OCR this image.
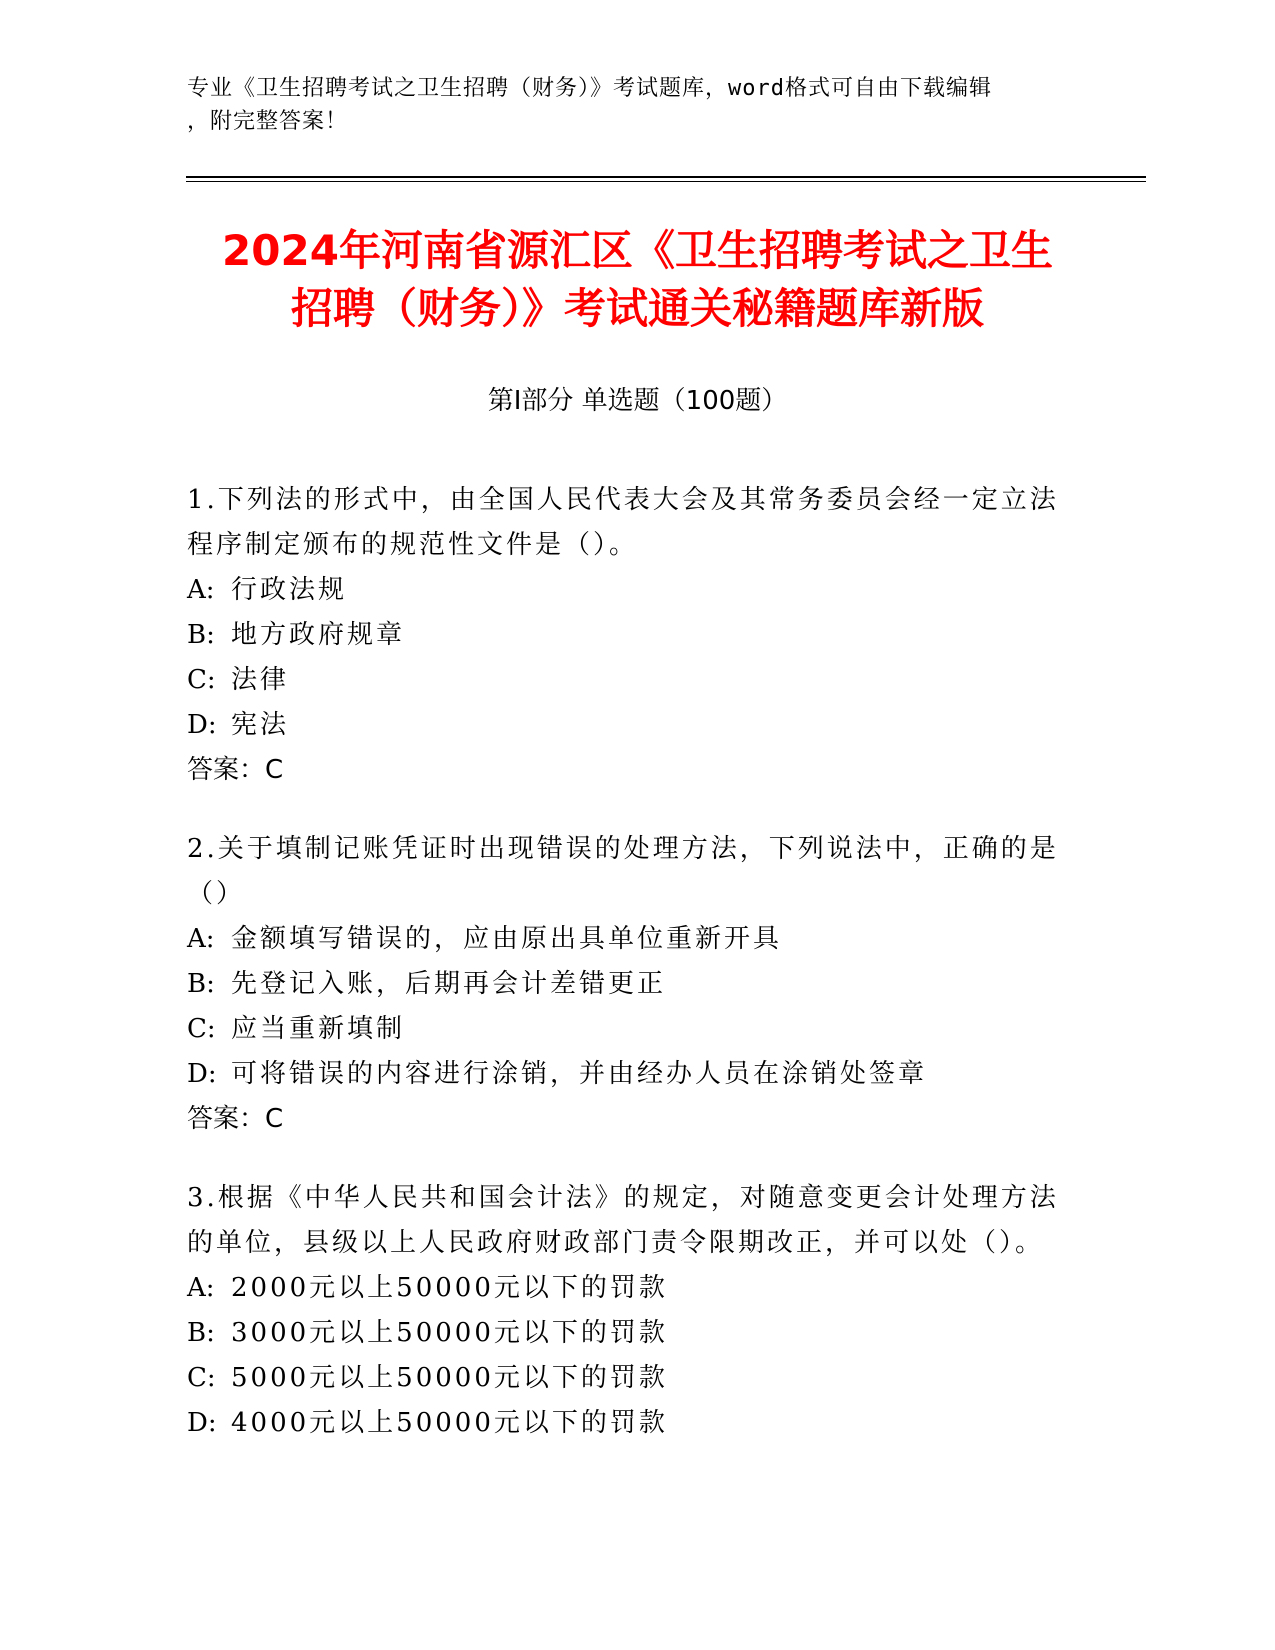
专业《卫生招聘考试之卫生招聘（财务）》考试题库，word格式可自由下载编辑
，附完整答案！
2024年河南省源汇区《卫生招聘考试之卫生
招聘（财务）》考试通关秘籍题库新版
第Ⅰ部分 单选题（100题）
1.下列法的形式中，由全国人民代表大会及其常务委员会经一定立法程序制定颁布的规范性文件是（）。
A: 行政法规
B: 地方政府规章
C: 法律
D: 宪法
答案：C
2.关于填制记账凭证时出现错误的处理方法，下列说法中，正确的是（）
A: 金额填写错误的，应由原出具单位重新开具
B: 先登记入账，后期再会计差错更正
C: 应当重新填制
D: 可将错误的内容进行涂销，并由经办人员在涂销处签章
答案：C
3.根据《中华人民共和国会计法》的规定，对随意变更会计处理方法的单位，县级以上人民政府财政部门责令限期改正，并可以处（）。
A: 2000元以上50000元以下的罚款
B: 3000元以上50000元以下的罚款
C: 5000元以上50000元以下的罚款
D: 4000元以上50000元以下的罚款
